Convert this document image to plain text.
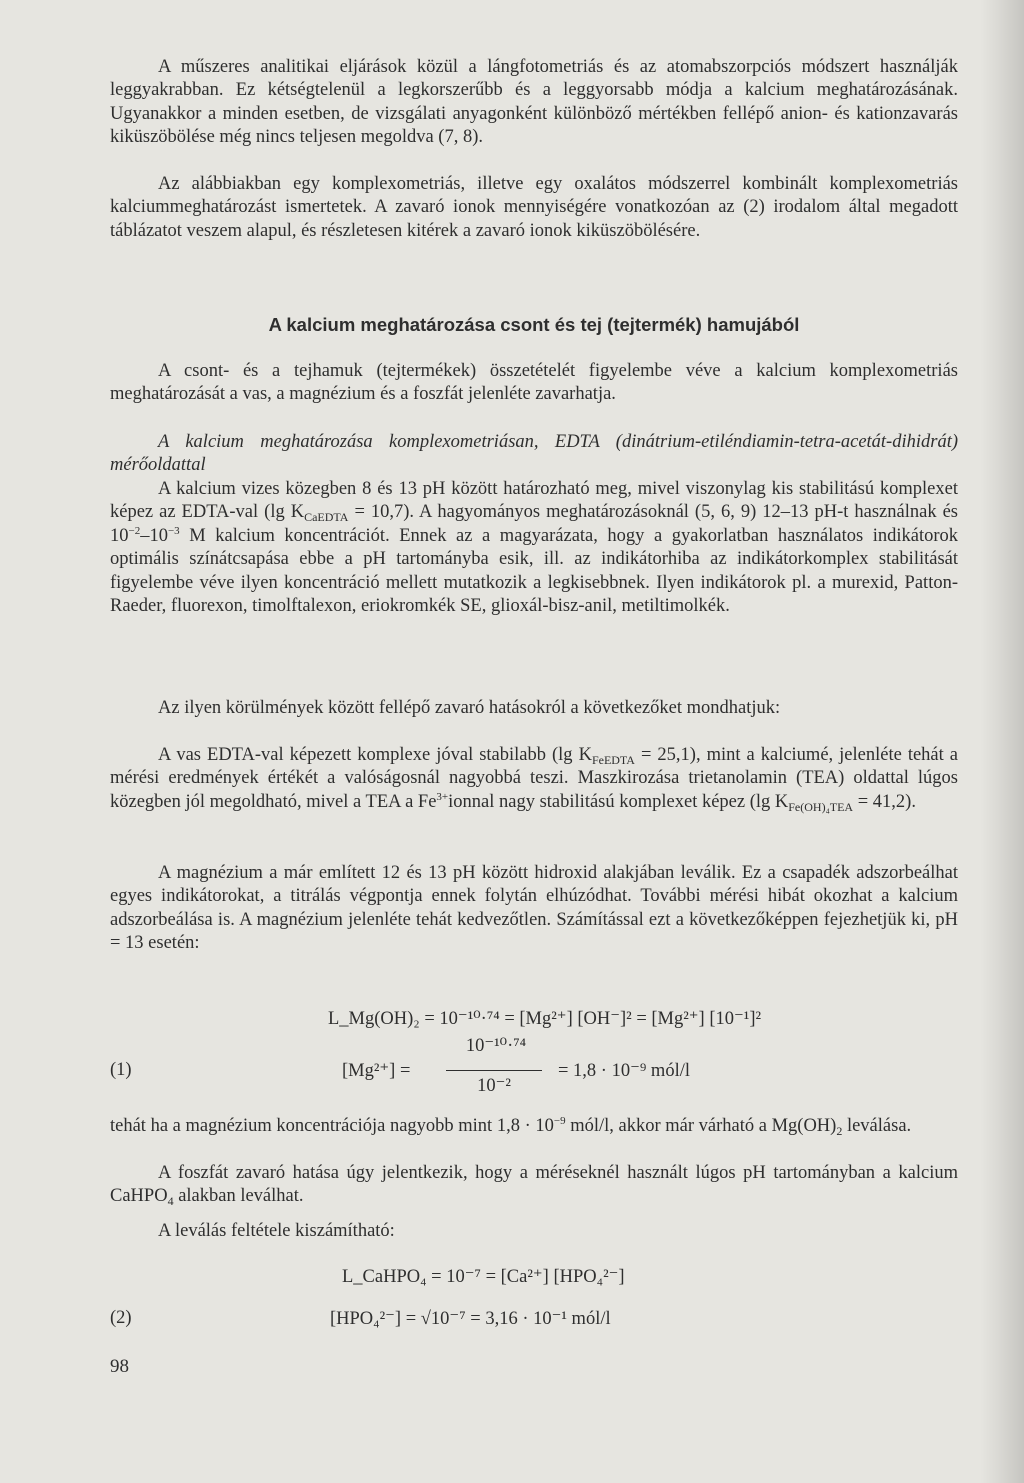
A műszeres analitikai eljárások közül a lángfotometriás és az atomabszorpciós módszert használják leggyakrabban. Ez kétségtelenül a legkorszerűbb és a leggyorsabb módja a kalcium meghatározásának. Ugyanakkor a minden esetben, de vizsgálati anyagonként különböző mértékben fellépő anion- és kationzavarás kiküszöbölése még nincs teljesen megoldva (7, 8).

Az alábbiakban egy komplexometriás, illetve egy oxalátos módszerrel kombinált komplexometriás kalciummeghatározást ismertetek. A zavaró ionok mennyiségére vonatkozóan az (2) irodalom által megadott táblázatot veszem alapul, és részletesen kitérek a zavaró ionok kiküszöbölésére.

A kalcium meghatározása csont és tej (tejtermék) hamujából

A csont- és a tejhamuk (tejtermékek) összetételét figyelembe véve a kalcium komplexometriás meghatározását a vas, a magnézium és a foszfát jelenléte zavarhatja.

A kalcium meghatározása komplexometriásan, EDTA (dinátrium-etiléndiamin-tetra-acetát-dihidrát) mérőoldattal

A kalcium vizes közegben 8 és 13 pH között határozható meg, mivel viszonylag kis stabilitású komplexet képez az EDTA-val (lg $K_{CaEDTA} = 10,7$). A hagyományos meghatározásoknál (5, 6, 9) 12–13 pH-t használnak és $10^{-2}-10^{-3}$ M kalcium koncentrációt. Ennek az a magyarázata, hogy a gyakorlatban használatos indikátorok optimális színátcsapása ebbe a pH tartományba esik, ill. az indikátorhiba az indikátorkomplex stabilitását figyelembe véve ilyen koncentráció mellett mutatkozik a legkisebbnek. Ilyen indikátorok pl. a murexid, Patton-Raeder, fluorexon, timolftalexon, eriokromkék SE, glioxál-bisz-anil, metiltimolkék.

Az ilyen körülmények között fellépő zavaró hatásokról a következőket mondhatjuk:

A vas EDTA-val képezett komplexe jóval stabilabb (lg $K_{FeEDTA} = 25,1$), mint a kalciumé, jelenléte tehát a mérési eredmények értékét a valóságosnál nagyobbá teszi. Maszkirozása trietanolamin (TEA) oldattal lúgos közegben jól megoldható, mivel a TEA a $Fe^{3+}ionnal$ nagy stabilitású komplexet képez (lg $K_{Fe(OH)_4TEA} = 41,2$).

A magnézium a már említett 12 és 13 pH között hidroxid alakjában leválik. Ez a csapadék adszorbeálhat egyes indikátorokat, a titrálás végpontja ennek folytán elhúzódhat. További mérési hibát okozhat a kalcium adszorbeálása is. A magnézium jelenléte tehát kedvezőtlen. Számítással ezt a következőképpen fejezhetjük ki, pH = 13 esetén:

L_Mg(OH)₂ = 10⁻¹⁰·⁷⁴ = [Mg²⁺] [OH⁻]² = [Mg²⁺] [10⁻¹]²
(1)	[Mg²⁺] =
10⁻¹⁰·⁷⁴
10⁻²
= 1,8 · 10⁻⁹ mól/l

tehát ha a magnézium koncentrációja nagyobb mint $1,8 \cdot 10^{-9}$ mól/l, akkor már várható a $Mg(OH)_2$ leválása.

A foszfát zavaró hatása úgy jelentkezik, hogy a méréseknél használt lúgos pH tartományban a kalcium CaHPO$_4$ alakban leválhat.

A leválás feltétele kiszámítható:

L_CaHPO₄ = 10⁻⁷ = [Ca²⁺] [HPO₄²⁻]
(2)	[HPO₄²⁻] = √10⁻⁷ = 3,16 · 10⁻¹ mól/l
98
